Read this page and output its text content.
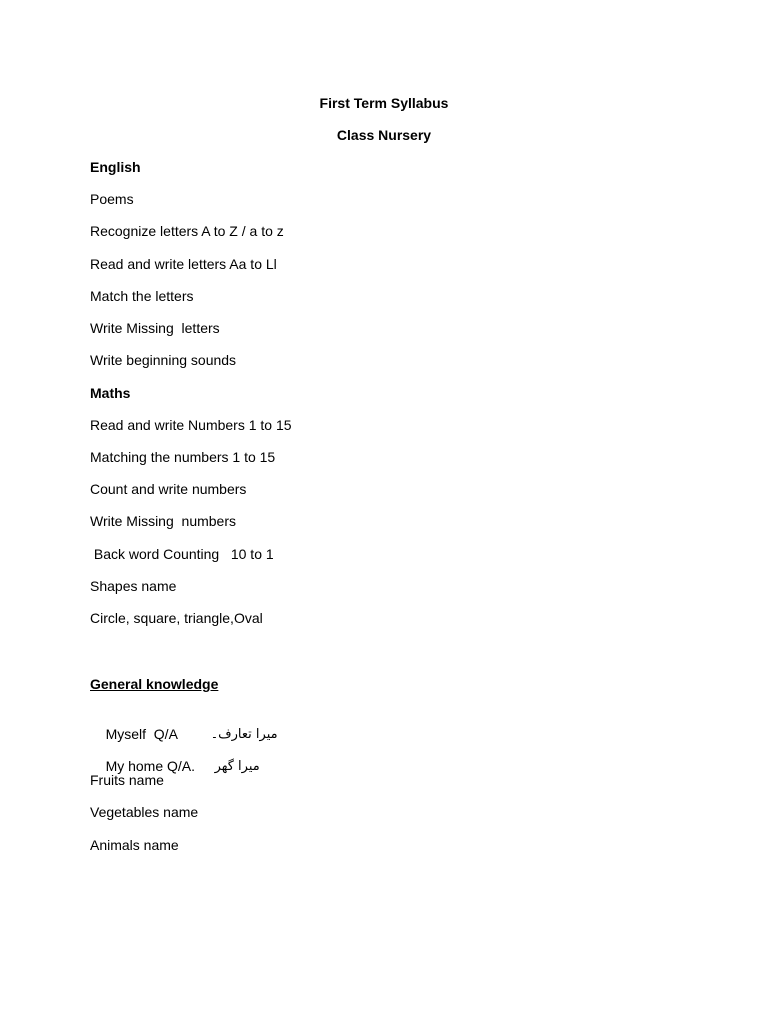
First Term Syllabus
Class Nursery
English
Poems
Recognize letters A to Z / a to z
Read and write letters Aa to Ll
Match the letters
Write Missing  letters
Write beginning sounds
Maths
Read and write Numbers 1 to 15
Matching the numbers 1 to 15
Count and write numbers
Write Missing  numbers
Back word Counting   10 to 1
Shapes name
Circle, square, triangle,Oval
General knowledge

Myself  Q/A
	میرا تعارف۔

My home Q/A.
	میرا گھر

Fruits name
Vegetables name
Animals name
